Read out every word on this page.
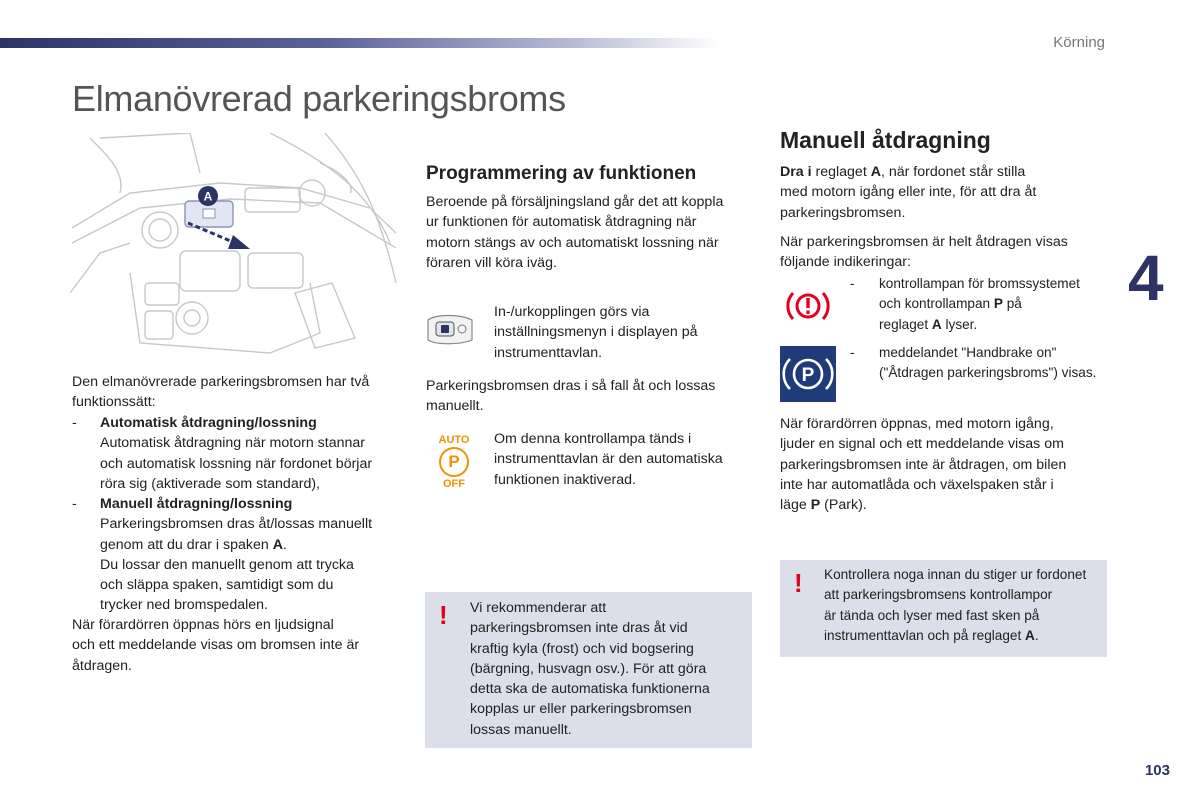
Körning
Elmanövrerad parkeringsbroms
4
103
A
Den elmanövrerade parkeringsbromsen har två funktionssätt:
- Automatisk åtdragning/lossning
Automatisk åtdragning när motorn stannar
och automatisk lossning när fordonet börjar
röra sig (aktiverade som standard),
- Manuell åtdragning/lossning
Parkeringsbromsen dras åt/lossas manuellt
genom att du drar i spaken A.
Du lossar den manuellt genom att trycka
och släppa spaken, samtidigt som du
trycker ned bromspedalen.
När förardörren öppnas hörs en ljudsignal
och ett meddelande visas om bromsen inte är
åtdragen.
Programmering av funktionen
Beroende på försäljningsland går det att koppla
ur funktionen för automatisk åtdragning när
motorn stängs av och automatiskt lossning när
föraren vill köra iväg.
In-/urkopplingen görs via
inställningsmenyn i displayen på
instrumenttavlan.
Parkeringsbromsen dras i så fall åt och lossas
manuellt.
AUTO
P
OFF
Om denna kontrollampa tänds i
instrumenttavlan är den automatiska
funktionen inaktiverad.
! Vi rekommenderar att
parkeringsbromsen inte dras åt vid
kraftig kyla (frost) och vid bogsering
(bärgning, husvagn osv.). För att göra
detta ska de automatiska funktionerna
kopplas ur eller parkeringsbromsen
lossas manuellt.
Manuell åtdragning
Dra i reglaget A, när fordonet står stilla
med motorn igång eller inte, för att dra åt
parkeringsbromsen.
När parkeringsbromsen är helt åtdragen visas
följande indikeringar:
- kontrollampan för bromssystemet
och kontrollampan P på
reglaget A lyser.
P
- meddelandet "Handbrake on"
("Åtdragen parkeringsbroms") visas.
När förardörren öppnas, med motorn igång,
ljuder en signal och ett meddelande visas om
parkeringsbromsen inte är åtdragen, om bilen
inte har automatlåda och växelspaken står i
läge P (Park).
! Kontrollera noga innan du stiger ur fordonet
att parkeringsbromsens kontrollampor
är tända och lyser med fast sken på
instrumenttavlan och på reglaget A.
